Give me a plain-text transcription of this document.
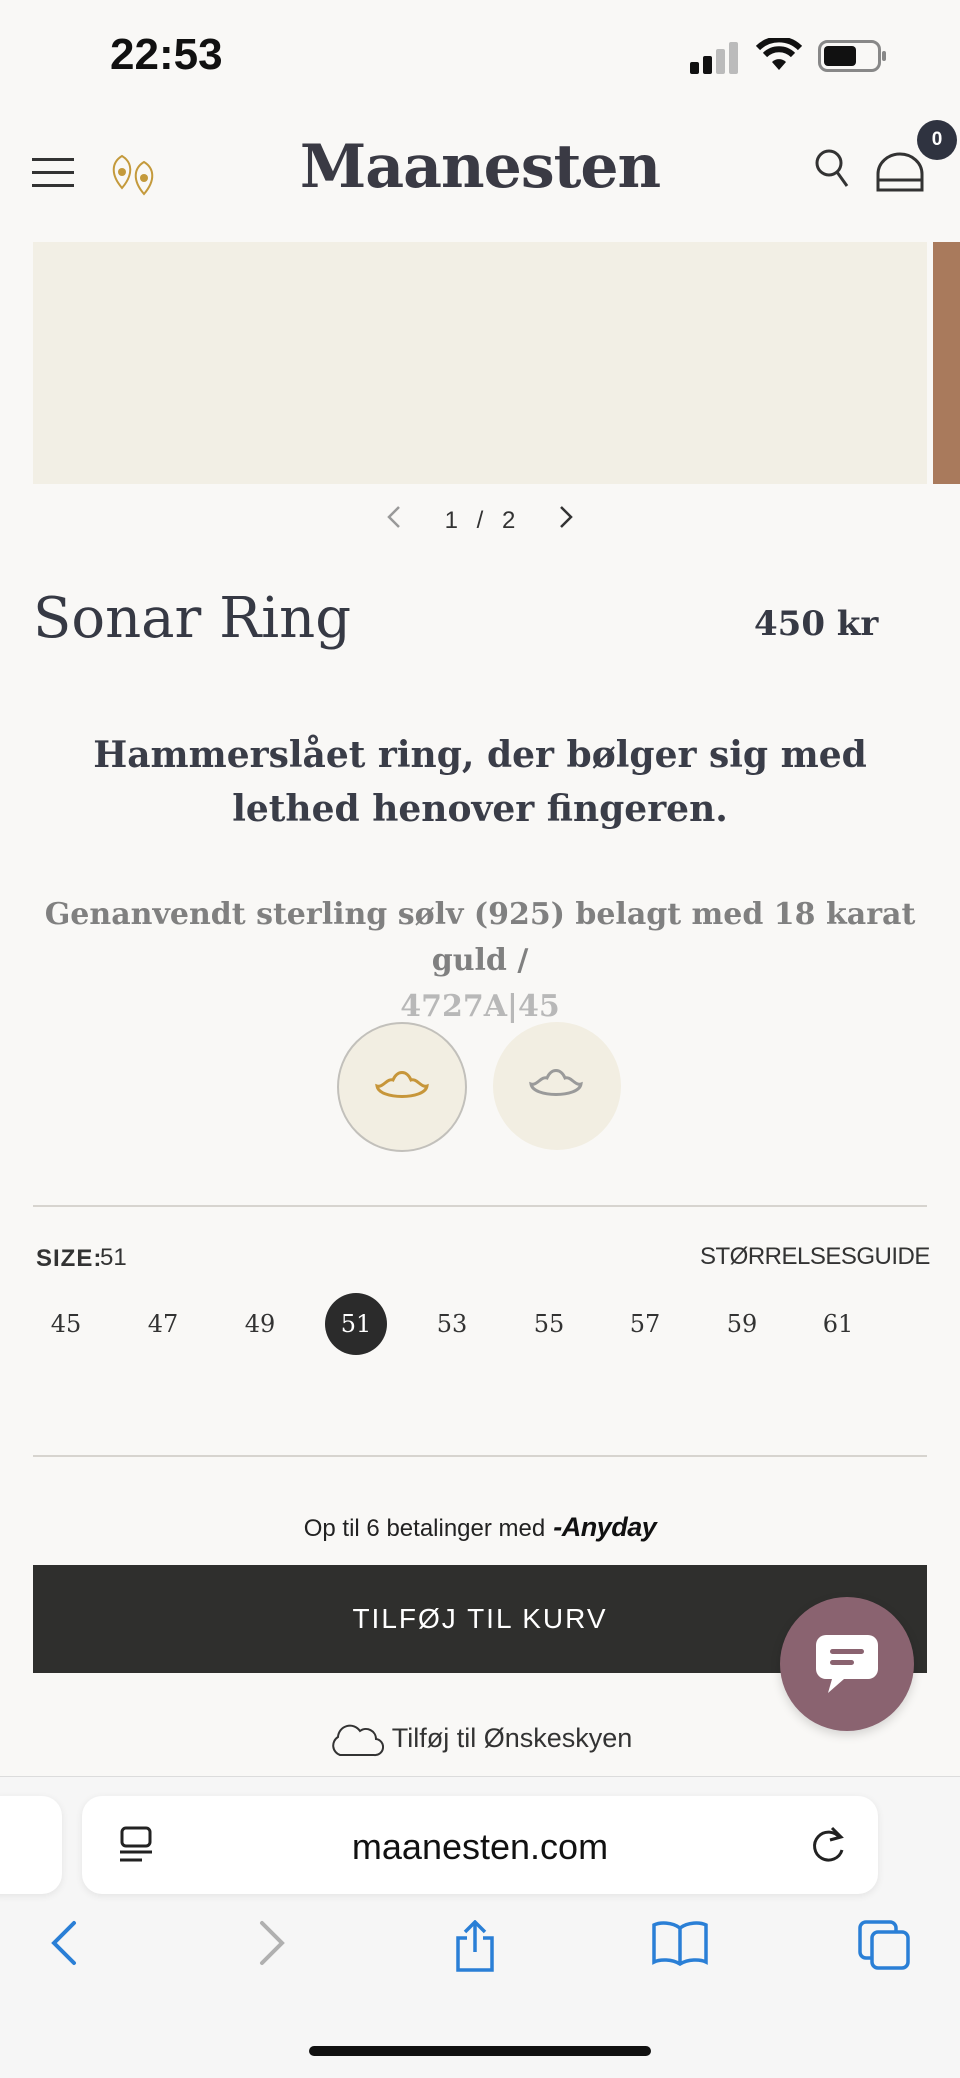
22:53
Maanesten	0
1 / 2
Sonar Ring	450 kr
Hammerslået ring, der bølger sig med lethed henover fingeren.
Genanvendt sterling sølv (925) belagt med 18 karat guld /
4727A|45
SIZE:
51	STØRRELSESGUIDE
45	47	49	51	53	55	57	59	61
Op til 6 betalinger med -Anyday
TILFØJ TIL KURV
Tilføj til Ønskeskyen
maanesten.com
